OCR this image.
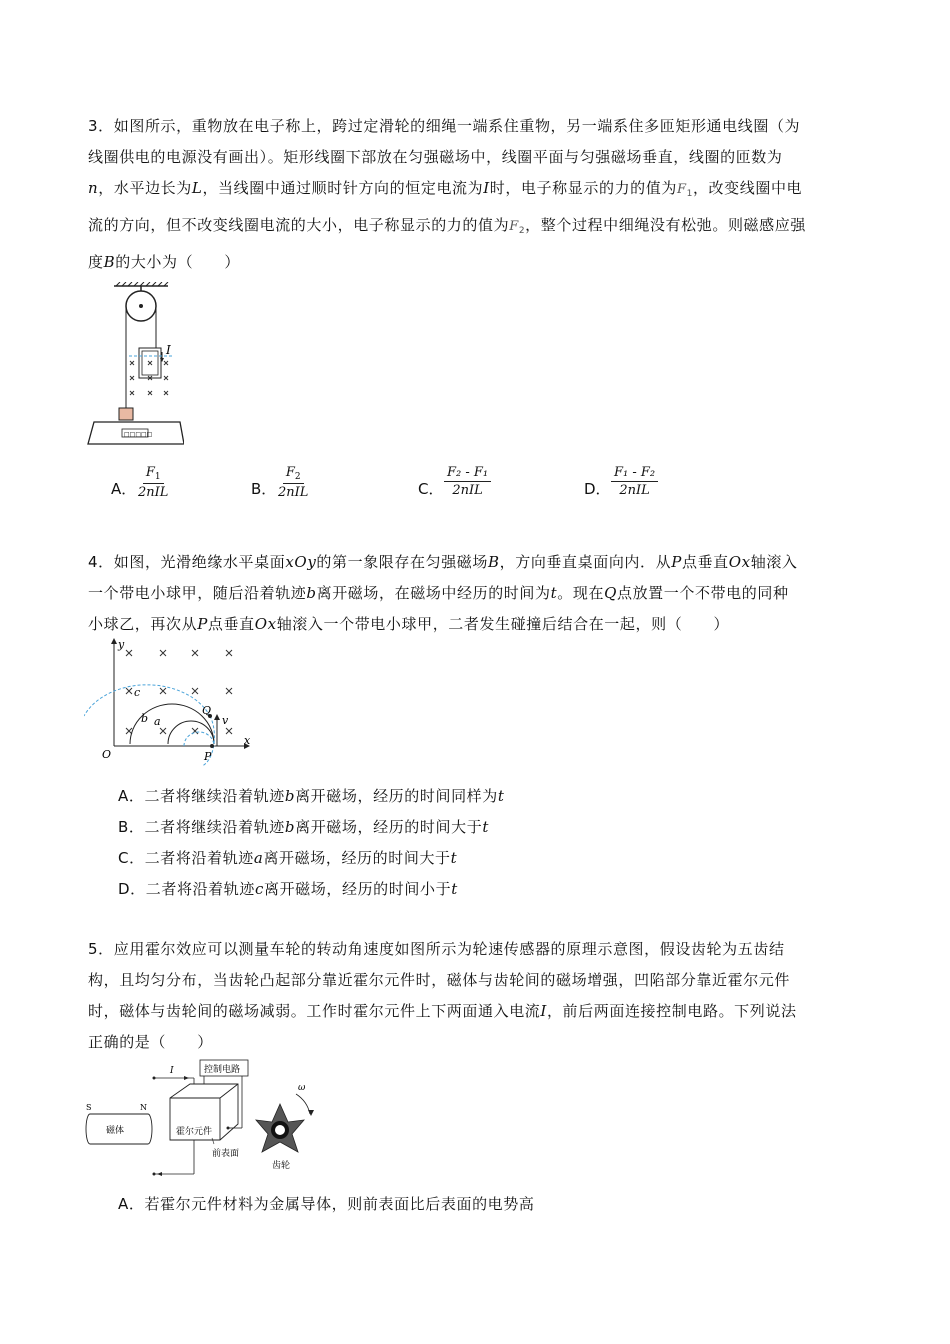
3．如图所示，重物放在电子称上，跨过定滑轮的细绳一端系住重物，另一端系住多匝矩形通电线圈（为
线圈供电的电源没有画出）。矩形线圈下部放在匀强磁场中，线圈平面与匀强磁场垂直，线圈的匝数为
n，水平边长为L，当线圈中通过顺时针方向的恒定电流为I时，电子称显示的力的值为$F_1$，改变线圈中电
流的方向，但不改变线圈电流的大小，电子称显示的力的值为$F_2$，整个过程中细绳没有松弛。则磁感应强
度B的大小为（　　）
I
□□□□□
A．
$F_1$
2nIL	B．
$F_2$
2nIL	C．
F₂ - F₁
2nIL	D．
F₁ - F₂
2nIL
4．如图，光滑绝缘水平桌面xOy的第一象限存在匀强磁场B，方向垂直桌面向内．从P点垂直Ox轴滚入
一个带电小球甲，随后沿着轨迹b离开磁场，在磁场中经历的时间为t。现在Q点放置一个不带电的同种
小球乙，再次从P点垂直Ox轴滚入一个带电小球甲，二者发生碰撞后结合在一起，则（　　）
y
x
O
v
P
Q
a
b
c
A．二者将继续沿着轨迹b离开磁场，经历的时间同样为t
B．二者将继续沿着轨迹b离开磁场，经历的时间大于t
C．二者将沿着轨迹a离开磁场，经历的时间大于t
D．二者将沿着轨迹c离开磁场，经历的时间小于t
5．应用霍尔效应可以测量车轮的转动角速度如图所示为轮速传感器的原理示意图，假设齿轮为五齿结
构，且均匀分布，当齿轮凸起部分靠近霍尔元件时，磁体与齿轮间的磁场增强，凹陷部分靠近霍尔元件
时，磁体与齿轮间的磁场减弱。工作时霍尔元件上下两面通入电流I，前后两面连接控制电路。下列说法
正确的是（　　）
控制电路
I
霍尔元件
前表面
S	N
磁体
齿轮
ω
A．若霍尔元件材料为金属导体，则前表面比后表面的电势高
